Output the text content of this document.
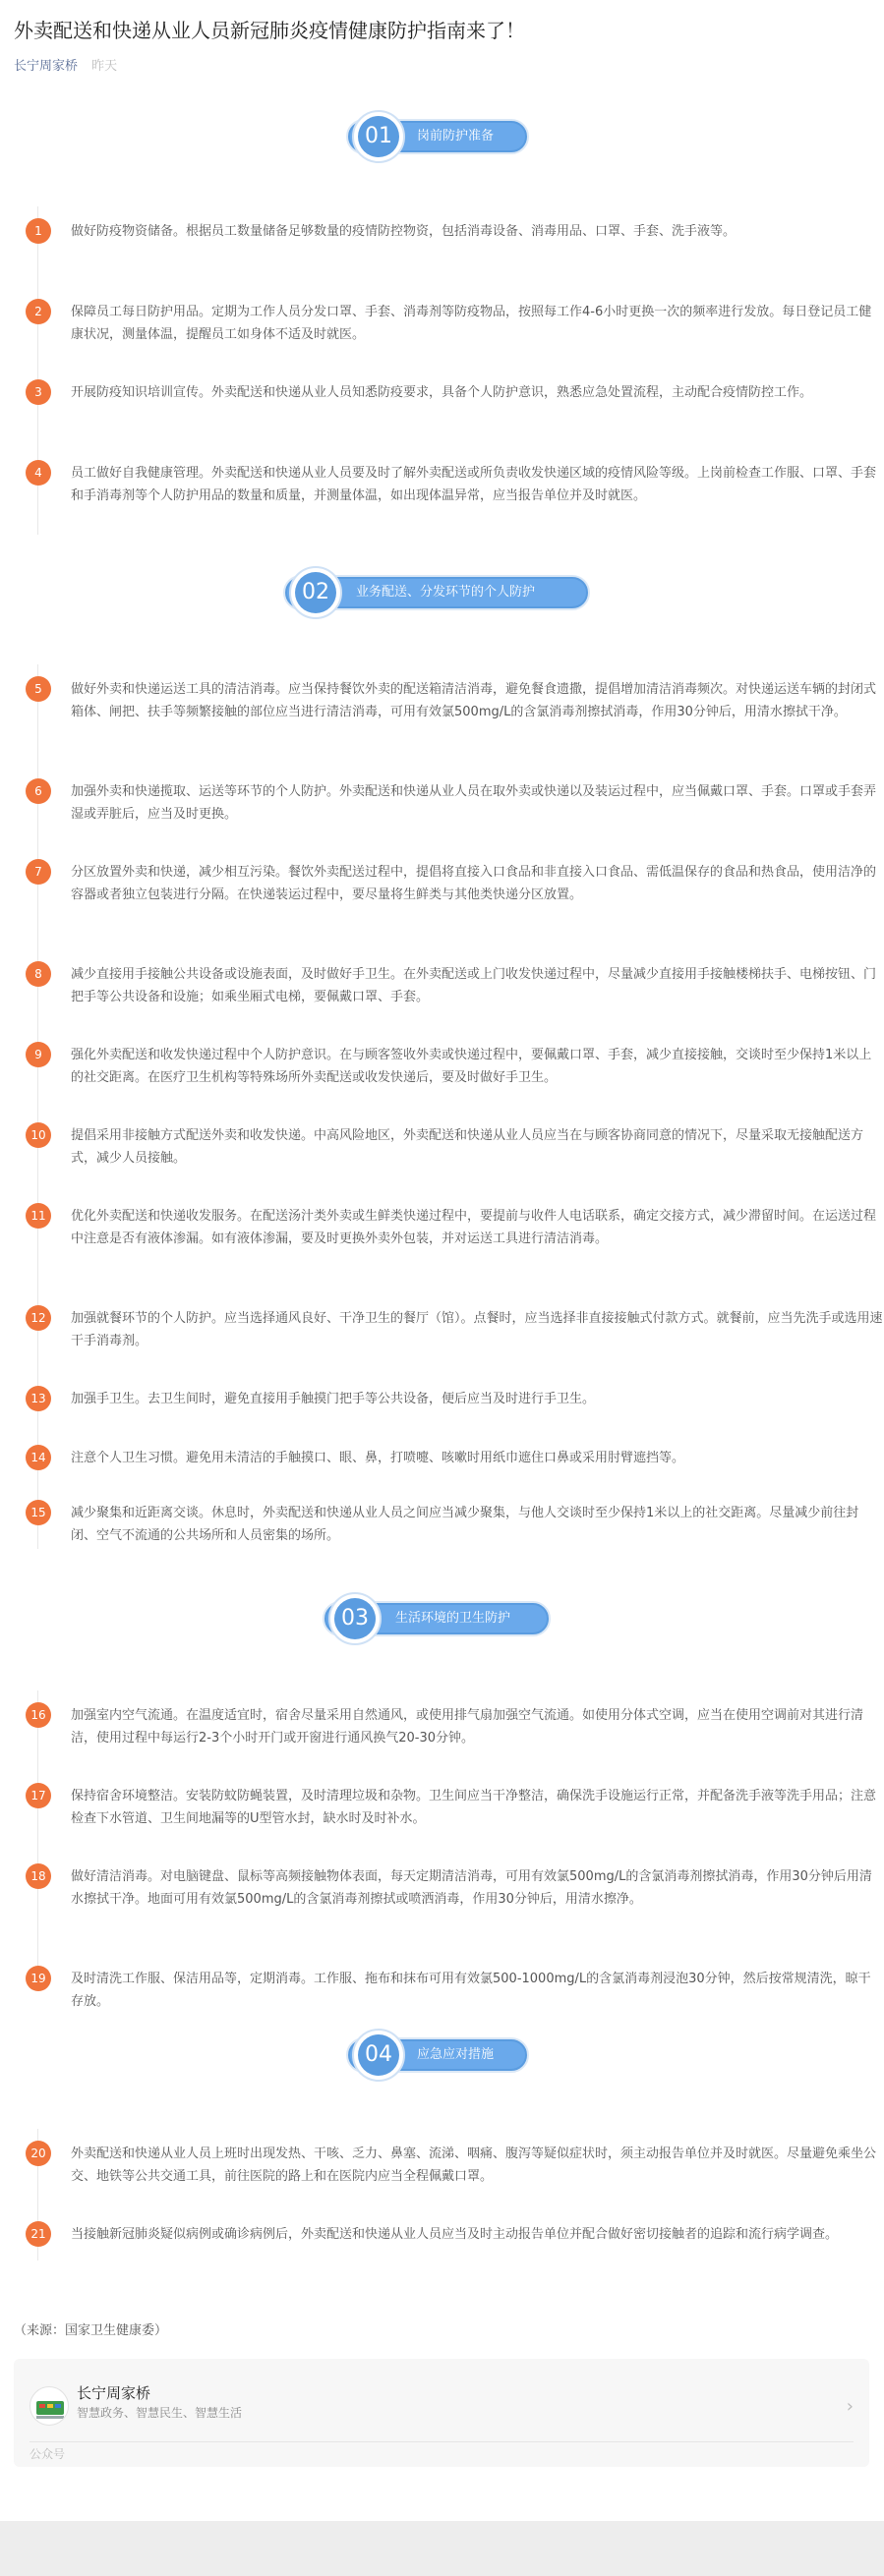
外卖配送和快递从业人员新冠肺炎疫情健康防护指南来了！
长宁周家桥 昨天
01	岗前防护准备
02	业务配送、分发环节的个人防护
03	生活环境的卫生防护
04	应急应对措施
1	做好防疫物资储备。根据员工数量储备足够数量的疫情防控物资，包括消毒设备、消毒用品、口罩、手套、洗手液等。
2	保障员工每日防护用品。定期为工作人员分发口罩、手套、消毒剂等防疫物品，按照每工作4-6小时更换一次的频率进行发放。每日登记员工健康状况，测量体温，提醒员工如身体不适及时就医。
3	开展防疫知识培训宣传。外卖配送和快递从业人员知悉防疫要求，具备个人防护意识，熟悉应急处置流程，主动配合疫情防控工作。
4	员工做好自我健康管理。外卖配送和快递从业人员要及时了解外卖配送或所负责收发快递区域的疫情风险等级。上岗前检查工作服、口罩、手套和手消毒剂等个人防护用品的数量和质量，并测量体温，如出现体温异常，应当报告单位并及时就医。
5	做好外卖和快递运送工具的清洁消毒。应当保持餐饮外卖的配送箱清洁消毒，避免餐食遗撒，提倡增加清洁消毒频次。对快递运送车辆的封闭式箱体、闸把、扶手等频繁接触的部位应当进行清洁消毒，可用有效氯500mg/L的含氯消毒剂擦拭消毒，作用30分钟后，用清水擦拭干净。
6	加强外卖和快递揽取、运送等环节的个人防护。外卖配送和快递从业人员在取外卖或快递以及装运过程中，应当佩戴口罩、手套。口罩或手套弄湿或弄脏后，应当及时更换。
7	分区放置外卖和快递，减少相互污染。餐饮外卖配送过程中，提倡将直接入口食品和非直接入口食品、需低温保存的食品和热食品，使用洁净的容器或者独立包装进行分隔。在快递装运过程中，要尽量将生鲜类与其他类快递分区放置。
8	减少直接用手接触公共设备或设施表面，及时做好手卫生。在外卖配送或上门收发快递过程中，尽量减少直接用手接触楼梯扶手、电梯按钮、门把手等公共设备和设施；如乘坐厢式电梯，要佩戴口罩、手套。
9	强化外卖配送和收发快递过程中个人防护意识。在与顾客签收外卖或快递过程中，要佩戴口罩、手套，减少直接接触，交谈时至少保持1米以上的社交距离。在医疗卫生机构等特殊场所外卖配送或收发快递后，要及时做好手卫生。
10	提倡采用非接触方式配送外卖和收发快递。中高风险地区，外卖配送和快递从业人员应当在与顾客协商同意的情况下，尽量采取无接触配送方式，减少人员接触。
11	优化外卖配送和快递收发服务。在配送汤汁类外卖或生鲜类快递过程中，要提前与收件人电话联系，确定交接方式，减少滞留时间。在运送过程中注意是否有液体渗漏。如有液体渗漏，要及时更换外卖外包装，并对运送工具进行清洁消毒。
12	加强就餐环节的个人防护。应当选择通风良好、干净卫生的餐厅（馆）。点餐时，应当选择非直接接触式付款方式。就餐前，应当先洗手或选用速干手消毒剂。
13	加强手卫生。去卫生间时，避免直接用手触摸门把手等公共设备，便后应当及时进行手卫生。
14	注意个人卫生习惯。避免用未清洁的手触摸口、眼、鼻，打喷嚏、咳嗽时用纸巾遮住口鼻或采用肘臂遮挡等。
15	减少聚集和近距离交谈。休息时，外卖配送和快递从业人员之间应当减少聚集，与他人交谈时至少保持1米以上的社交距离。尽量减少前往封闭、空气不流通的公共场所和人员密集的场所。
16	加强室内空气流通。在温度适宜时，宿舍尽量采用自然通风，或使用排气扇加强空气流通。如使用分体式空调，应当在使用空调前对其进行清洁，使用过程中每运行2-3个小时开门或开窗进行通风换气20-30分钟。
17	保持宿舍环境整洁。安装防蚊防蝇装置，及时清理垃圾和杂物。卫生间应当干净整洁，确保洗手设施运行正常，并配备洗手液等洗手用品；注意检查下水管道、卫生间地漏等的U型管水封，缺水时及时补水。
18	做好清洁消毒。对电脑键盘、鼠标等高频接触物体表面，每天定期清洁消毒，可用有效氯500mg/L的含氯消毒剂擦拭消毒，作用30分钟后用清水擦拭干净。地面可用有效氯500mg/L的含氯消毒剂擦拭或喷洒消毒，作用30分钟后，用清水擦净。
19	及时清洗工作服、保洁用品等，定期消毒。工作服、拖布和抹布可用有效氯500-1000mg/L的含氯消毒剂浸泡30分钟，然后按常规清洗，晾干存放。
20	外卖配送和快递从业人员上班时出现发热、干咳、乏力、鼻塞、流涕、咽痛、腹泻等疑似症状时，须主动报告单位并及时就医。尽量避免乘坐公交、地铁等公共交通工具，前往医院的路上和在医院内应当全程佩戴口罩。
21	当接触新冠肺炎疑似病例或确诊病例后，外卖配送和快递从业人员应当及时主动报告单位并配合做好密切接触者的追踪和流行病学调查。
（来源：国家卫生健康委）
长宁周家桥
智慧政务、智慧民生、智慧生活	›
公众号
